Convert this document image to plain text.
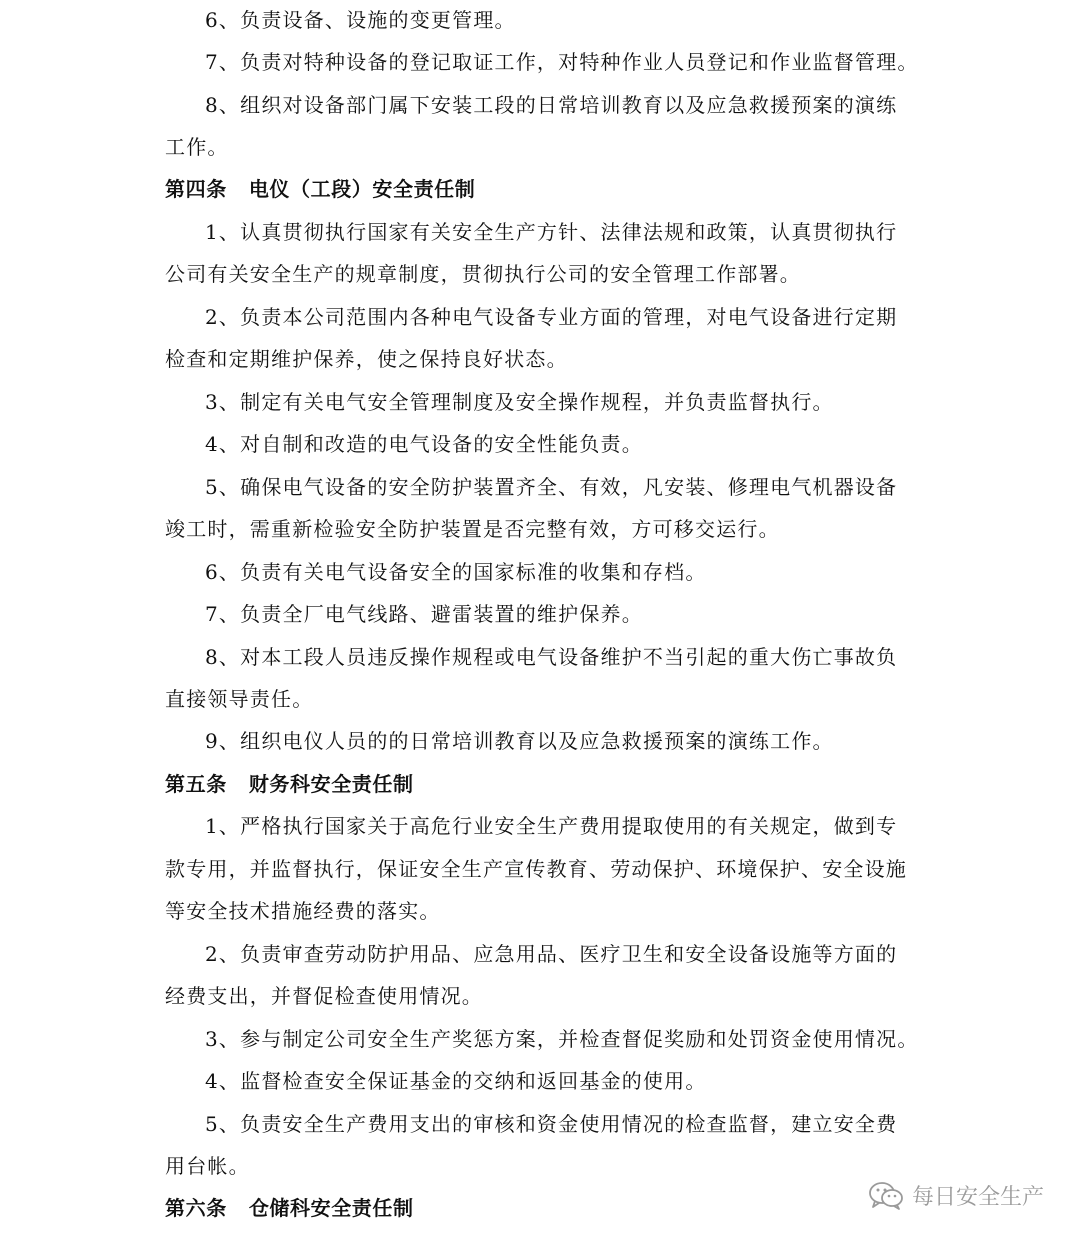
6、负责设备、设施的变更管理。
7、负责对特种设备的登记取证工作，对特种作业人员登记和作业监督管理。
8、组织对设备部门属下安装工段的日常培训教育以及应急救援预案的演练
工作。
第四条 电仪（工段）安全责任制
1、认真贯彻执行国家有关安全生产方针、法律法规和政策，认真贯彻执行
公司有关安全生产的规章制度，贯彻执行公司的安全管理工作部署。
2、负责本公司范围内各种电气设备专业方面的管理，对电气设备进行定期
检查和定期维护保养，使之保持良好状态。
3、制定有关电气安全管理制度及安全操作规程，并负责监督执行。
4、对自制和改造的电气设备的安全性能负责。
5、确保电气设备的安全防护装置齐全、有效，凡安装、修理电气机器设备
竣工时，需重新检验安全防护装置是否完整有效，方可移交运行。
6、负责有关电气设备安全的国家标准的收集和存档。
7、负责全厂电气线路、避雷装置的维护保养。
8、对本工段人员违反操作规程或电气设备维护不当引起的重大伤亡事故负
直接领导责任。
9、组织电仪人员的的日常培训教育以及应急救援预案的演练工作。
第五条 财务科安全责任制
1、严格执行国家关于高危行业安全生产费用提取使用的有关规定，做到专
款专用，并监督执行，保证安全生产宣传教育、劳动保护、环境保护、安全设施
等安全技术措施经费的落实。
2、负责审查劳动防护用品、应急用品、医疗卫生和安全设备设施等方面的
经费支出，并督促检查使用情况。
3、参与制定公司安全生产奖惩方案，并检查督促奖励和处罚资金使用情况。
4、监督检查安全保证基金的交纳和返回基金的使用。
5、负责安全生产费用支出的审核和资金使用情况的检查监督，建立安全费
用台帐。
第六条 仓储科安全责任制	每日安全生产
